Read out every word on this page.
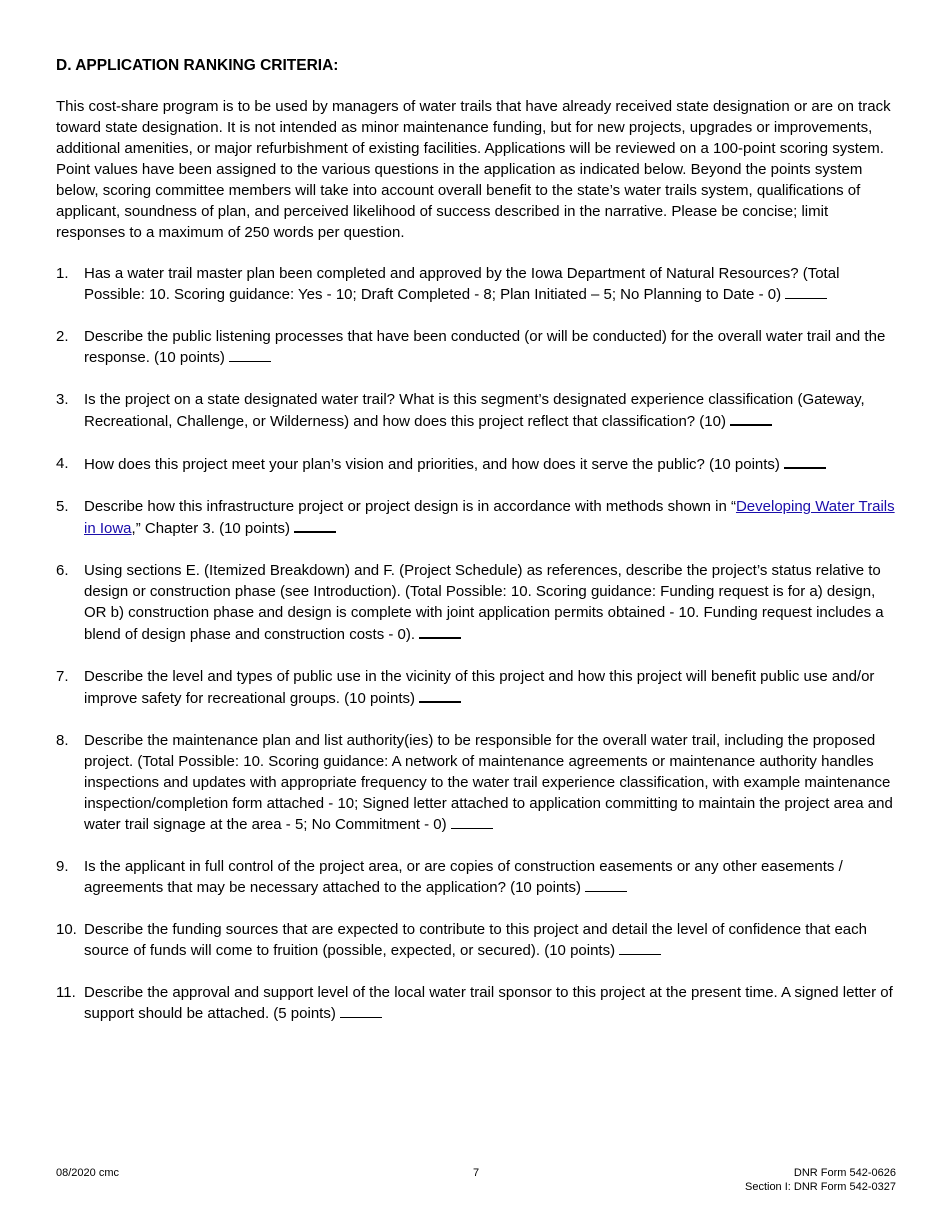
D. APPLICATION RANKING CRITERIA:

This cost-share program is to be used by managers of water trails that have already received state designation or are on track toward state designation. It is not intended as minor maintenance funding, but for new projects, upgrades or improvements, additional amenities, or major refurbishment of existing facilities. Applications will be reviewed on a 100-point scoring system. Point values have been assigned to the various questions in the application as indicated below. Beyond the points system below, scoring committee members will take into account overall benefit to the state’s water trails system, qualifications of applicant, soundness of plan, and perceived likelihood of success described in the narrative. Please be concise; limit responses to a maximum of 250 words per question.

1. Has a water trail master plan been completed and approved by the Iowa Department of Natural Resources? (Total Possible: 10. Scoring guidance: Yes - 10; Draft Completed - 8; Plan Initiated – 5; No Planning to Date - 0)
2. Describe the public listening processes that have been conducted (or will be conducted) for the overall water trail and the response. (10 points)
3. Is the project on a state designated water trail? What is this segment’s designated experience classification (Gateway, Recreational, Challenge, or Wilderness) and how does this project reflect that classification? (10)
4. How does this project meet your plan’s vision and priorities, and how does it serve the public? (10 points)
5. Describe how this infrastructure project or project design is in accordance with methods shown in “Developing Water Trails in Iowa,” Chapter 3. (10 points)
6. Using sections E. (Itemized Breakdown) and F. (Project Schedule) as references, describe the project’s status relative to design or construction phase (see Introduction). (Total Possible: 10. Scoring guidance: Funding request is for a) design, OR b) construction phase and design is complete with joint application permits obtained - 10. Funding request includes a blend of design phase and construction costs - 0).
7. Describe the level and types of public use in the vicinity of this project and how this project will benefit public use and/or improve safety for recreational groups. (10 points)
8. Describe the maintenance plan and list authority(ies) to be responsible for the overall water trail, including the proposed project. (Total Possible: 10. Scoring guidance: A network of maintenance agreements or maintenance authority handles inspections and updates with appropriate frequency to the water trail experience classification, with example maintenance inspection/completion form attached - 10; Signed letter attached to application committing to maintain the project area and water trail signage at the area - 5; No Commitment - 0)
9. Is the applicant in full control of the project area, or are copies of construction easements or any other easements / agreements that may be necessary attached to the application? (10 points)
10. Describe the funding sources that are expected to contribute to this project and detail the level of confidence that each source of funds will come to fruition (possible, expected, or secured). (10 points)
11. Describe the approval and support level of the local water trail sponsor to this project at the present time. A signed letter of support should be attached. (5 points)
08/2020 cmc	7	DNR Form 542-0626
Section I: DNR Form 542-0327
